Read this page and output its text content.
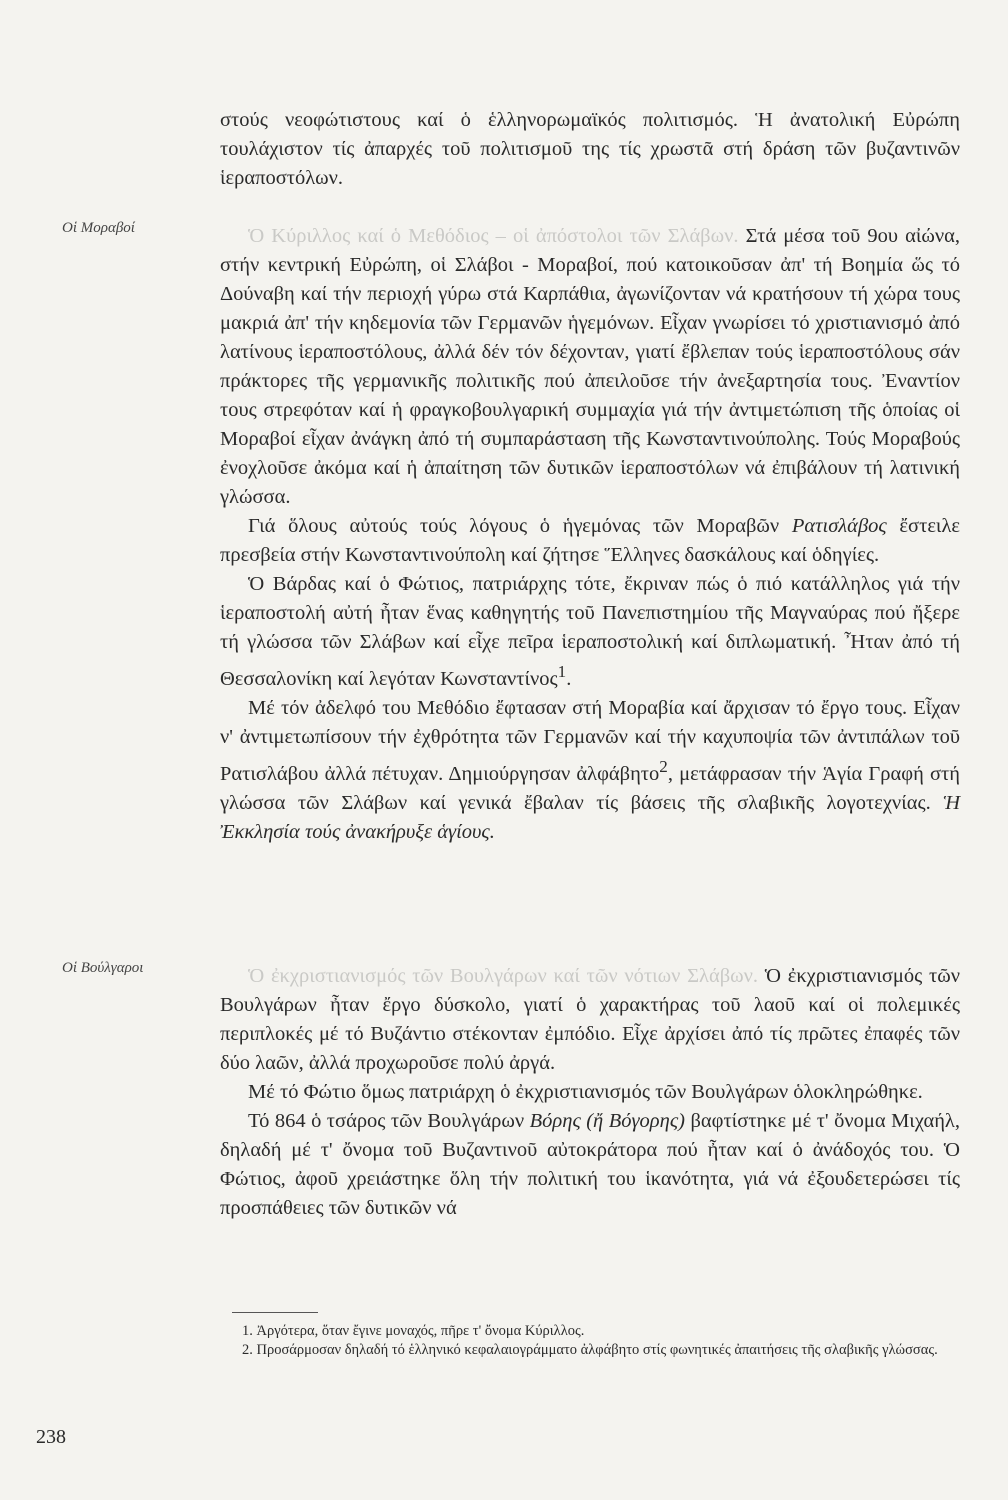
στούς νεοφώτιστους καί ὁ ἑλληνορωμαϊκός πολιτισμός. Ἡ ἀνατολική Εὐρώπη τουλάχιστον τίς ἀπαρχές τοῦ πολιτισμοῦ της τίς χρωστᾶ στή δράση τῶν βυζαντινῶν ἱεραποστόλων.

Οἱ Μοραβοί	Ὁ Κύριλλος καί ὁ Μεθόδιος – οἱ ἀπόστολοι τῶν Σλάβων. Στά μέσα τοῦ 9ου αἰώνα, στήν κεντρική Εὐρώπη, οἱ Σλάβοι - Μοραβοί, πού κατοικοῦσαν ἀπ' τή Βοημία ὥς τό Δούναβη καί τήν περιοχή γύρω στά Καρπάθια, ἀγωνίζονταν νά κρατήσουν τή χώρα τους μακριά ἀπ' τήν κηδεμονία τῶν Γερμανῶν ἡγεμόνων. Εἶχαν γνωρίσει τό χριστιανισμό ἀπό λατίνους ἱεραποστόλους, ἀλλά δέν τόν δέχονταν, γιατί ἔβλεπαν τούς ἱεραποστόλους σάν πράκτορες τῆς γερμανικῆς πολιτικῆς πού ἀπειλοῦσε τήν ἀνεξαρτησία τους. Ἐναντίον τους στρεφόταν καί ἡ φραγκοβουλγαρική συμμαχία γιά τήν ἀντιμετώπιση τῆς ὁποίας οἱ Μοραβοί εἶχαν ἀνάγκη ἀπό τή συμπαράσταση τῆς Κωνσταντινούπολης. Τούς Μοραβούς ἐνοχλοῦσε ἀκόμα καί ἡ ἀπαίτηση τῶν δυτικῶν ἱεραποστόλων νά ἐπιβάλουν τή λατινική γλώσσα.

Γιά ὅλους αὐτούς τούς λόγους ὁ ἡγεμόνας τῶν Μοραβῶν Ρατισλάβος ἔστειλε πρεσβεία στήν Κωνσταντινούπολη καί ζήτησε Ἕλληνες δασκάλους καί ὁδηγίες.

Ὁ Βάρδας καί ὁ Φώτιος, πατριάρχης τότε, ἔκριναν πώς ὁ πιό κατάλληλος γιά τήν ἱεραποστολή αὐτή ἦταν ἕνας καθηγητής τοῦ Πανεπιστημίου τῆς Μαγναύρας πού ἤξερε τή γλώσσα τῶν Σλάβων καί εἶχε πεῖρα ἱεραποστολική καί διπλωματική. Ἦταν ἀπό τή Θεσσαλονίκη καί λεγόταν Κωνσταντίνος$^1$.

Μέ τόν ἀδελφό του Μεθόδιο ἔφτασαν στή Μοραβία καί ἄρχισαν τό ἔργο τους. Εἶχαν ν' ἀντιμετωπίσουν τήν ἐχθρότητα τῶν Γερμανῶν καί τήν καχυποψία τῶν ἀντιπάλων τοῦ Ρατισλάβου ἀλλά πέτυχαν. Δημιούργησαν ἀλφάβητο$^2$, μετάφρασαν τήν Ἁγία Γραφή στή γλώσσα τῶν Σλάβων καί γενικά ἔβαλαν τίς βάσεις τῆς σλαβικῆς λογοτεχνίας. Ἡ Ἐκκλησία τούς ἀνακήρυξε ἁγίους.

Οἱ Βούλγαροι	Ὁ ἐκχριστιανισμός τῶν Βουλγάρων καί τῶν νότιων Σλάβων. Ὁ ἐκχριστιανισμός τῶν Βουλγάρων ἦταν ἔργο δύσκολο, γιατί ὁ χαρακτήρας τοῦ λαοῦ καί οἱ πολεμικές περιπλοκές μέ τό Βυζάντιο στέκονταν ἐμπόδιο. Εἶχε ἀρχίσει ἀπό τίς πρῶτες ἐπαφές τῶν δύο λαῶν, ἀλλά προχωροῦσε πολύ ἀργά.

Μέ τό Φώτιο ὅμως πατριάρχη ὁ ἐκχριστιανισμός τῶν Βουλγάρων ὁλοκληρώθηκε.

Τό 864 ὁ τσάρος τῶν Βουλγάρων Βόρης (ἤ Βόγορης) βαφτίστηκε μέ τ' ὄνομα Μιχαήλ, δηλαδή μέ τ' ὄνομα τοῦ Βυζαντινοῦ αὐτοκράτορα πού ἦταν καί ὁ ἀνάδοχός του. Ὁ Φώτιος, ἀφοῦ χρειάστηκε ὅλη τήν πολιτική του ἱκανότητα, γιά νά ἐξουδετερώσει τίς προσπάθειες τῶν δυτικῶν νά

1. Ἀργότερα, ὅταν ἔγινε μοναχός, πῆρε τ' ὄνομα Κύριλλος.

2. Προσάρμοσαν δηλαδή τό ἑλληνικό κεφαλαιογράμματο ἀλφάβητο στίς φωνητικές ἀπαιτήσεις τῆς σλαβικῆς γλώσσας.

238
